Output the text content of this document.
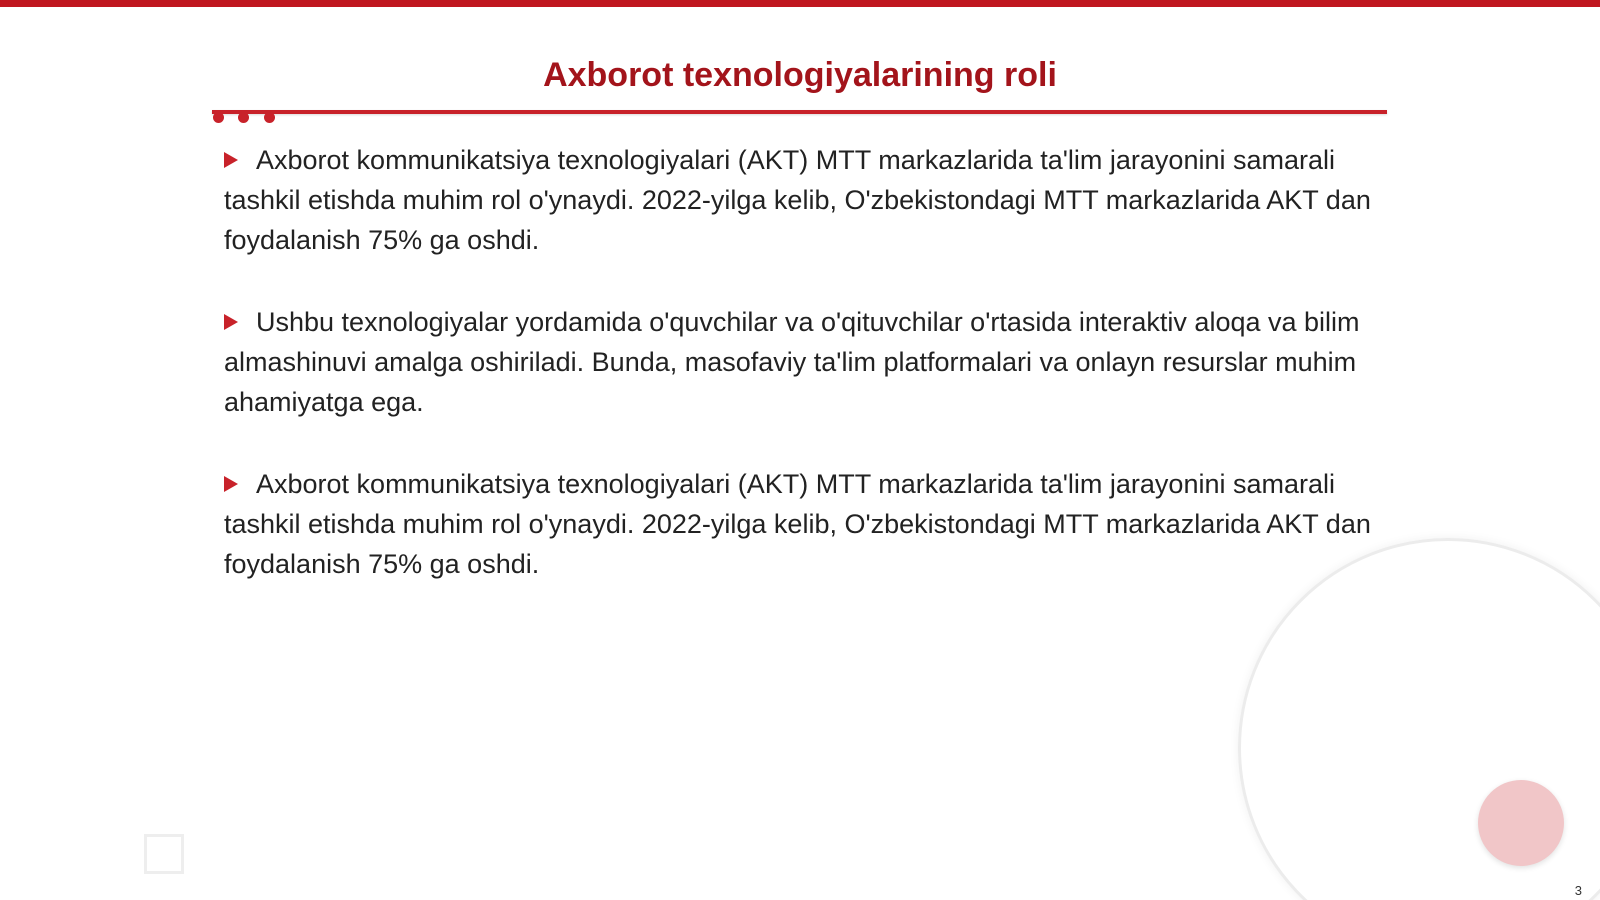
Axborot texnologiyalarining roli

Axborot kommunikatsiya texnologiyalari (AKT) MTT markazlarida ta'lim jarayonini samarali tashkil etishda muhim rol o'ynaydi. 2022-yilga kelib, O'zbekistondagi MTT markazlarida AKT dan foydalanish 75% ga oshdi.

Ushbu texnologiyalar yordamida o'quvchilar va o'qituvchilar o'rtasida interaktiv aloqa va bilim almashinuvi amalga oshiriladi. Bunda, masofaviy ta'lim platformalari va onlayn resurslar muhim ahamiyatga ega.

Axborot kommunikatsiya texnologiyalari (AKT) MTT markazlarida ta'lim jarayonini samarali tashkil etishda muhim rol o'ynaydi. 2022-yilga kelib, O'zbekistondagi MTT markazlarida AKT dan foydalanish 75% ga oshdi.

3
